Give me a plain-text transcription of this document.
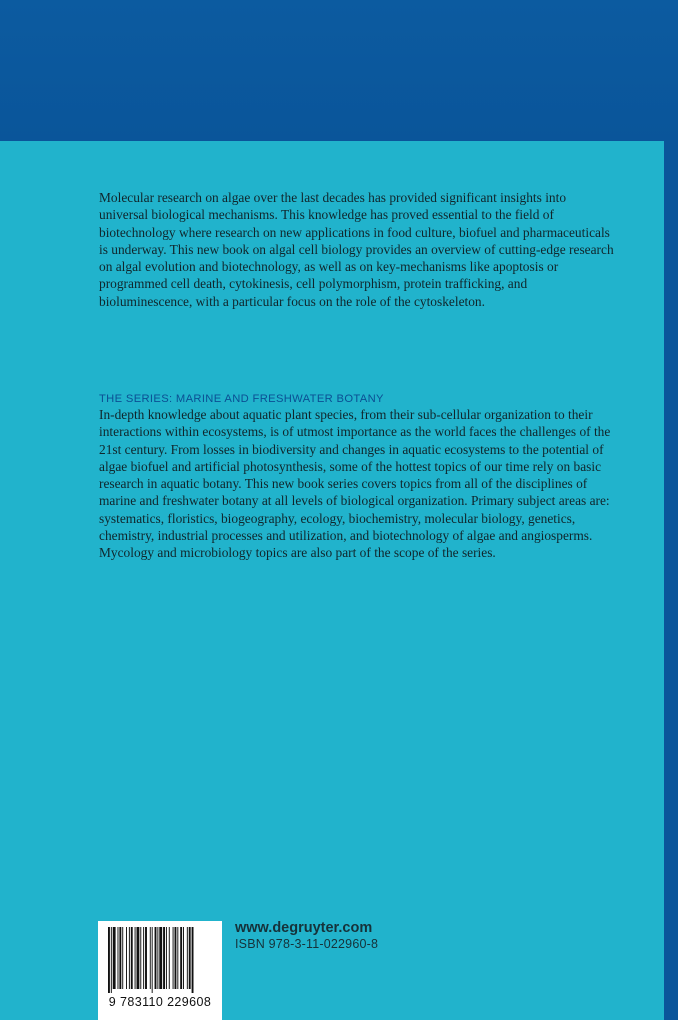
Molecular research on algae over the last decades has provided significant insights into universal biological mechanisms. This knowledge has proved essential to the field of biotechnology where research on new applications in food culture, biofuel and pharmaceuticals is underway. This new book on algal cell biology provides an overview of cutting-edge research on algal evolution and biotechnology, as well as on key-mechanisms like apoptosis or programmed cell death, cytokinesis, cell polymorphism, protein trafficking, and bioluminescence, with a particular focus on the role of the cytoskeleton.

THE SERIES: MARINE AND FRESHWATER BOTANY

In-depth knowledge about aquatic plant species, from their sub-cellular organization to their interactions within ecosystems, is of utmost importance as the world faces the challenges of the 21st century. From losses in biodiversity and changes in aquatic ecosystems to the potential of algae biofuel and artificial photosynthesis, some of the hottest topics of our time rely on basic research in aquatic botany. This new book series covers topics from all of the disciplines of marine and freshwater botany at all levels of biological organization. Primary subject areas are: systematics, floristics, biogeography, ecology, biochemistry, molecular biology, genetics, chemistry, industrial processes and utilization, and biotechnology of algae and angiosperms. Mycology and microbiology topics are also part of the scope of the series.

9 783110 229608

www.degruyter.com

ISBN 978-3-11-022960-8
